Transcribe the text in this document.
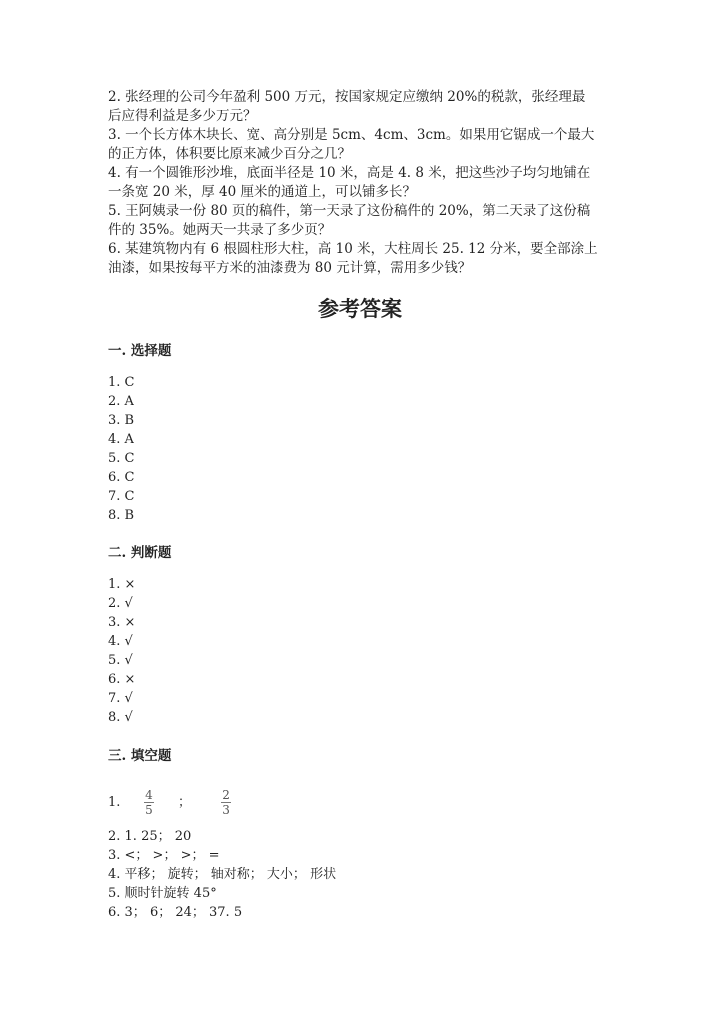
2. 张经理的公司今年盈利 500 万元，按国家规定应缴纳 20%的税款，张经理最
后应得利益是多少万元？
3. 一个长方体木块长、宽、高分别是 5cm、4cm、3cm。如果用它锯成一个最大
的正方体，体积要比原来减少百分之几？
4. 有一个圆锥形沙堆，底面半径是 10 米，高是 4. 8 米，把这些沙子均匀地铺在
一条宽 20 米，厚 40 厘米的通道上，可以铺多长？
5. 王阿姨录一份 80 页的稿件，第一天录了这份稿件的 20%，第二天录了这份稿
件的 35%。她两天一共录了多少页？
6. 某建筑物内有 6 根圆柱形大柱，高 10 米，大柱周长 25. 12 分米，要全部涂上
油漆，如果按每平方米的油漆费为 80 元计算，需用多少钱？
参考答案
一. 选择题
1. C
2. A
3. B
4. A
5. C
6. C
7. C
8. B
二. 判断题
1. ×
2. √
3. ×
4. √
5. √
6. ×
7. √
8. √
三. 填空题
1.	$\frac{4}{5}$ ；	$\frac{2}{3}$
2. 1. 25； 20
3. <； >； >； =
4. 平移； 旋转； 轴对称； 大小； 形状
5. 顺时针旋转 45°
6. 3； 6； 24； 37. 5
